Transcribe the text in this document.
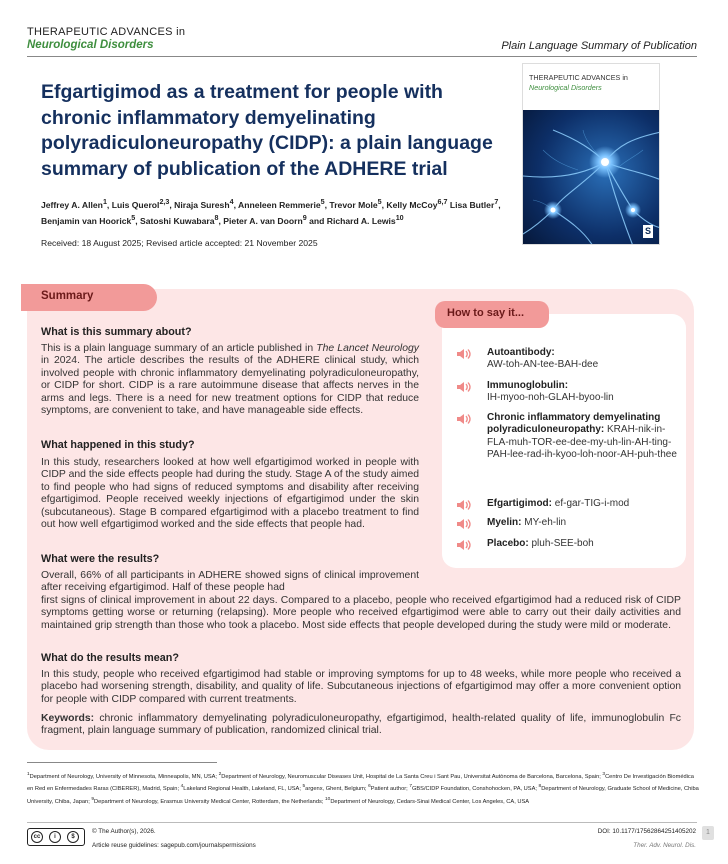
THERAPEUTIC ADVANCES in
Neurological Disorders	Plain Language Summary of Publication
Efgartigimod as a treatment for people with chronic inflammatory demyelinating polyradiculoneuropathy (CIDP): a plain language summary of publication of the ADHERE trial
Jeffrey A. Allen$^1$, Luis Querol$^{2,3}$, Niraja Suresh$^4$, Anneleen Remmerie$^5$, Trevor Mole$^5$, Kelly McCoy$^{6,7}$ Lisa Butler$^7$, Benjamin van Hoorick$^5$, Satoshi Kuwabara$^8$, Pieter A. van Doorn$^9$ and Richard A. Lewis$^{10}$
Received: 18 August 2025; Revised article accepted: 21 November 2025
THERAPEUTIC ADVANCES in
Neurological Disorders
S
Summary
What is this summary about?
This is a plain language summary of an article published in The Lancet Neurology in 2024. The article describes the results of the ADHERE clinical study, which involved people with chronic inflammatory demyelinating polyradiculoneuropathy, or CIDP for short. CIDP is a rare autoimmune disease that affects nerves in the arms and legs. There is a need for new treatment options for CIDP that reduce symptoms, are convenient to take, and have manageable side effects.
What happened in this study?
In this study, researchers looked at how well efgartigimod worked in people with CIDP and the side effects people had during the study. Stage A of the study aimed to find people who had signs of reduced symptoms and disability after receiving efgartigimod. People received weekly injections of efgartigimod under the skin (subcutaneous). Stage B compared efgartigimod with a placebo treatment to find out how well efgartigimod worked and the side effects that people had.
What were the results?
Overall, 66% of all participants in ADHERE showed signs of clinical improvement after receiving efgartigimod. Half of these people had
first signs of clinical improvement in about 22 days. Compared to a placebo, people who received efgartigimod had a reduced risk of CIDP symptoms getting worse or returning (relapsing). More people who received efgartigimod were able to carry out their daily activities and maintained grip strength than those who took a placebo. Most side effects that people developed during the study were mild or moderate.
What do the results mean?
In this study, people who received efgartigimod had stable or improving symptoms for up to 48 weeks, while more people who received a placebo had worsening strength, disability, and quality of life. Subcutaneous injections of efgartigimod may offer a more convenient option for people with CIDP compared with current treatments.
Keywords: chronic inflammatory demyelinating polyradiculoneuropathy, efgartigimod, health-related quality of life, immunoglobulin Fc fragment, plain language summary of publication, randomized clinical trial.
How to say it...
Autoantibody:
AW-toh-AN-tee-BAH-dee
Immunoglobulin:
IH-myoo-noh-GLAH-byoo-lin
Chronic inflammatory demyelinating polyradiculoneuropathy: KRAH-nik-in-FLA-muh-TOR-ee-dee-my-uh-lin-AH-ting-PAH-lee-rad-ih-kyoo-loh-noor-AH-puh-thee
Efgartigimod: ef-gar-TIG-i-mod
Myelin: MY-eh-lin
Placebo: pluh-SEE-boh
$^1$Department of Neurology, University of Minnesota, Minneapolis, MN, USA; $^2$Department of Neurology, Neuromuscular Diseases Unit, Hospital de La Santa Creu i Sant Pau, Universitat Autònoma de Barcelona, Barcelona, Spain; $^3$Centro De Investigación Biomédica en Red en Enfermedades Raras (CIBERER), Madrid, Spain; $^4$Lakeland Regional Health, Lakeland, FL, USA; $^5$argenx, Ghent, Belgium; $^6$Patient author; $^7$GBS/CIDP Foundation, Conshohocken, PA, USA; $^8$Department of Neurology, Graduate School of Medicine, Chiba University, Chiba, Japan; $^9$Department of Neurology, Erasmus University Medical Center, Rotterdam, the Netherlands; $^{10}$Department of Neurology, Cedars-Sinai Medical Center, Los Angeles, CA, USA
cc	i	$
© The Author(s), 2026.
Article reuse guidelines: sagepub.com/journalspermissions
DOI: 10.1177/17562864251405202
Ther. Adv. Neurol. Dis.
1
